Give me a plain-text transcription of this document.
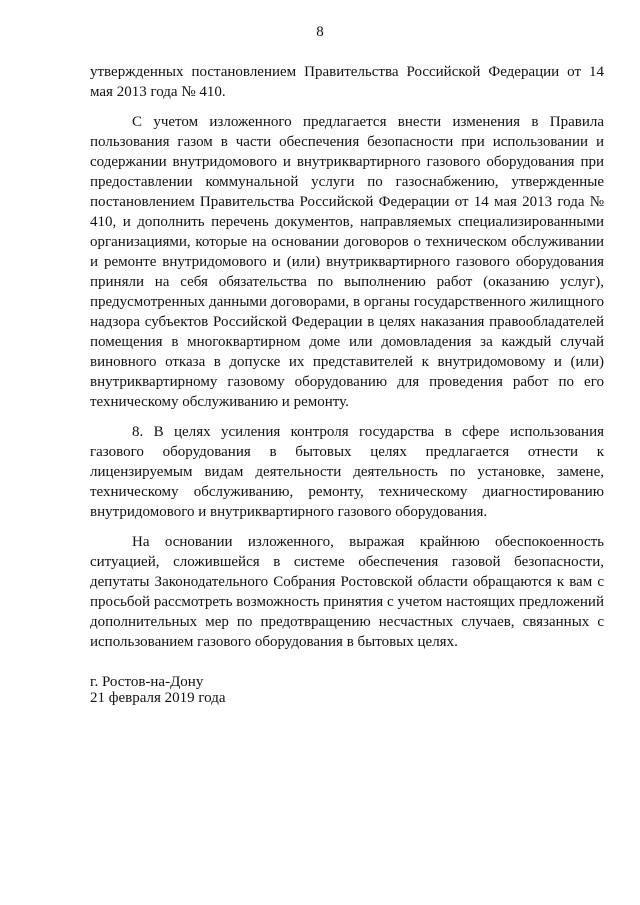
8

утвержденных постановлением Правительства Российской Федерации от 14 мая 2013 года № 410.

С учетом изложенного предлагается внести изменения в Правила пользования газом в части обеспечения безопасности при использовании и содержании внутридомового и внутриквартирного газового оборудования при предоставлении коммунальной услуги по газоснабжению, утвержденные постановлением Правительства Российской Федерации от 14 мая 2013 года № 410, и дополнить перечень документов, направляемых специализированными организациями, которые на основании договоров о техническом обслуживании и ремонте внутридомового и (или) внутриквартирного газового оборудования приняли на себя обязательства по выполнению работ (оказанию услуг), предусмотренных данными договорами, в органы государственного жилищного надзора субъектов Российской Федерации в целях наказания правообладателей помещения в многоквартирном доме или домовладения за каждый случай виновного отказа в допуске их представителей к внутридомовому и (или) внутриквартирному газовому оборудованию для проведения работ по его техническому обслуживанию и ремонту.

8. В целях усиления контроля государства в сфере использования газового оборудования в бытовых целях предлагается отнести к лицензируемым видам деятельности деятельность по установке, замене, техническому обслуживанию, ремонту, техническому диагностированию внутридомового и внутриквартирного газового оборудования.

На основании изложенного, выражая крайнюю обеспокоенность ситуацией, сложившейся в системе обеспечения газовой безопасности, депутаты Законодательного Собрания Ростовской области обращаются к вам с просьбой рассмотреть возможность принятия с учетом настоящих предложений дополнительных мер по предотвращению несчастных случаев, связанных с использованием газового оборудования в бытовых целях.

г. Ростов-на-Дону
21 февраля 2019 года
